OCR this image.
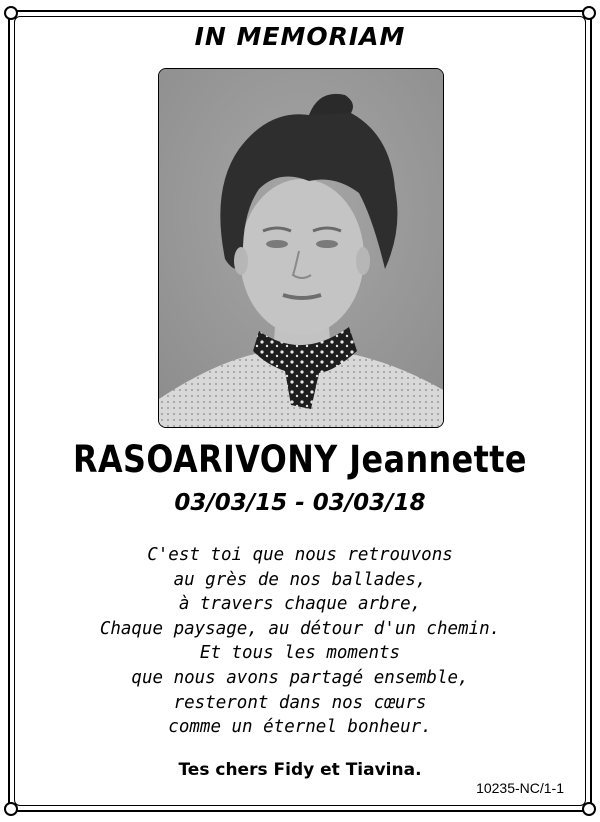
IN MEMORIAM
RASOARIVONY Jeannette
03/03/15 - 03/03/18
C'est toi que nous retrouvons
au grès de nos ballades,
à travers chaque arbre,
Chaque paysage, au détour d'un chemin.
Et tous les moments
que nous avons partagé ensemble,
resteront dans nos cœurs
comme un éternel bonheur.
Tes chers Fidy et Tiavina.
10235-NC/1-1
